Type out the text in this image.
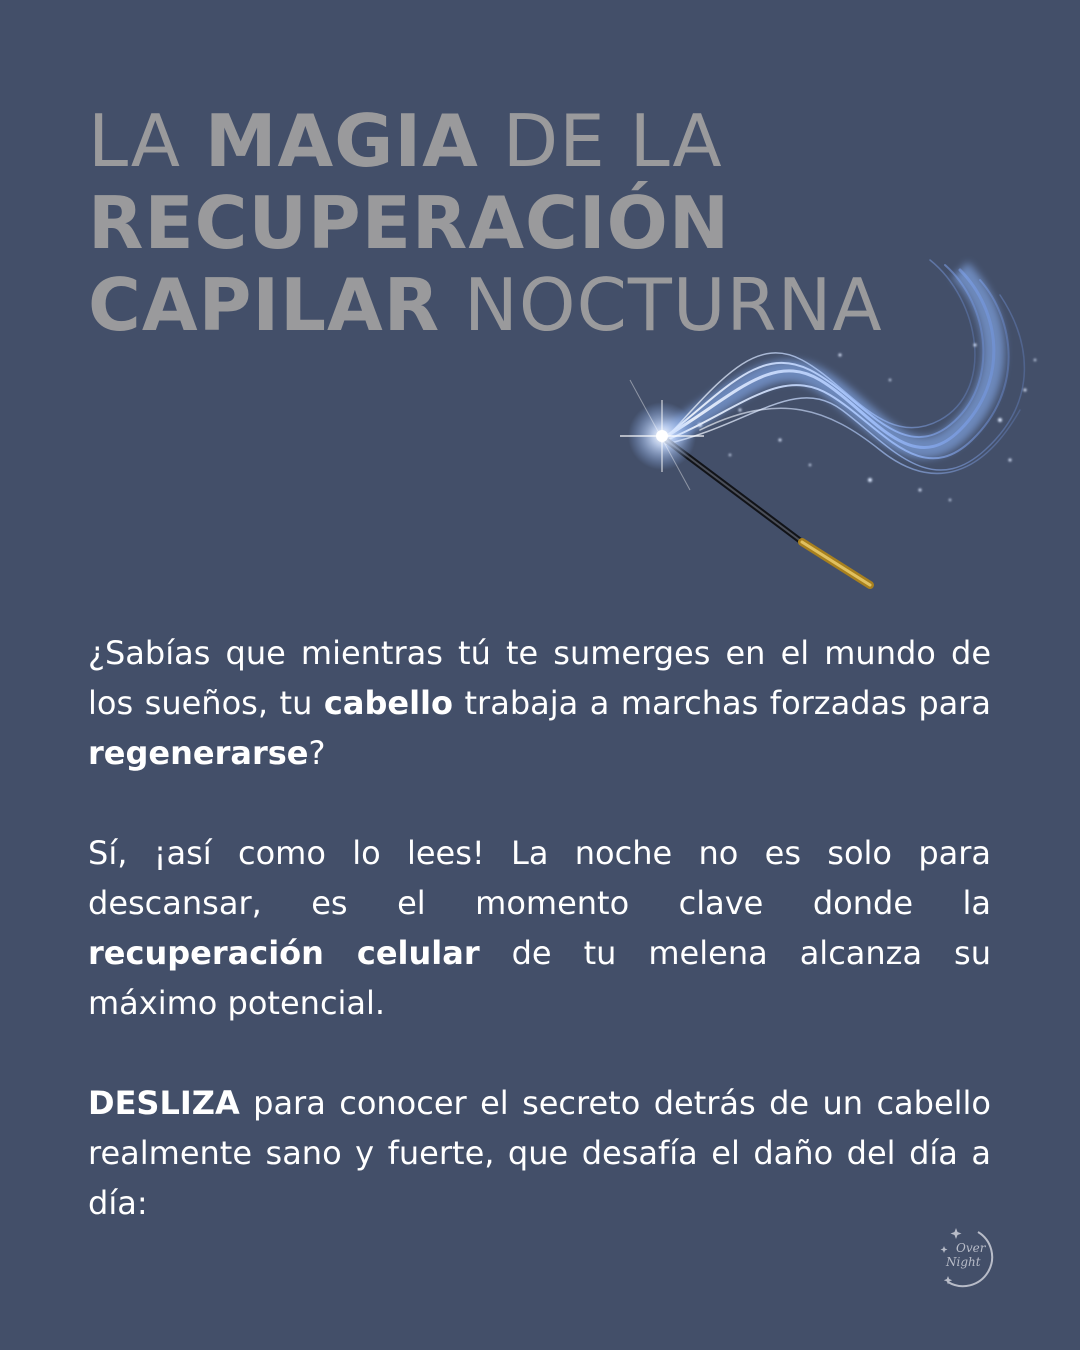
LA MAGIA DE LA
RECUPERACIÓN
CAPILAR NOCTURNA

¿Sabías que mientras tú te sumerges en el mundo de los sueños, tu cabello trabaja a marchas forzadas para regenerarse?

Sí, ¡así como lo lees! La noche no es solo para descansar, es el momento clave donde la recuperación celular de tu melena alcanza su máximo potencial.

DESLIZA para conocer el secreto detrás de un cabello realmente sano y fuerte, que desafía el daño del día a día:

Over
Night
